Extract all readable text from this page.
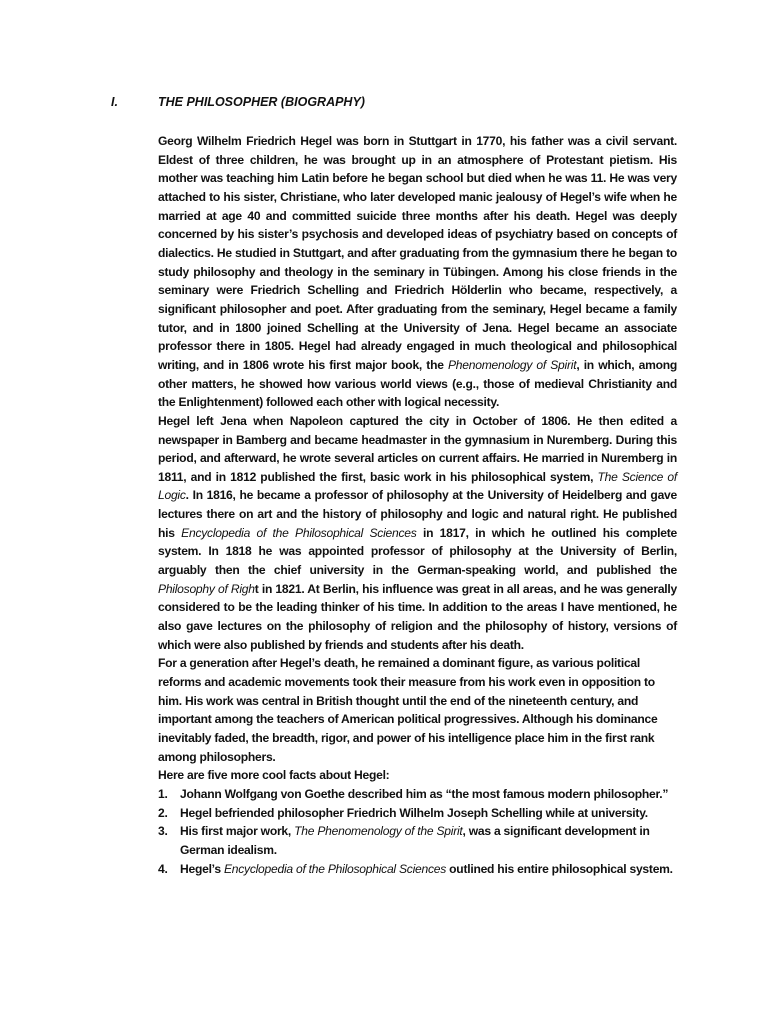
I.	THE PHILOSOPHER (BIOGRAPHY)

Georg Wilhelm Friedrich Hegel was born in Stuttgart in 1770, his father was a civil servant. Eldest of three children, he was brought up in an atmosphere of Protestant pietism. His mother was teaching him Latin before he began school but died when he was 11. He was very attached to his sister, Christiane, who later developed manic jealousy of Hegel’s wife when he married at age 40 and committed suicide three months after his death. Hegel was deeply concerned by his sister’s psychosis and developed ideas of psychiatry based on concepts of dialectics. He studied in Stuttgart, and after graduating from the gymnasium there he began to study philosophy and theology in the seminary in Tübingen. Among his close friends in the seminary were Friedrich Schelling and Friedrich Hölderlin who became, respectively, a significant philosopher and poet. After graduating from the seminary, Hegel became a family tutor, and in 1800 joined Schelling at the University of Jena. Hegel became an associate professor there in 1805. Hegel had already engaged in much theological and philosophical writing, and in 1806 wrote his first major book, the Phenomenology of Spirit, in which, among other matters, he showed how various world views (e.g., those of medieval Christianity and the Enlightenment) followed each other with logical necessity.

Hegel left Jena when Napoleon captured the city in October of 1806. He then edited a newspaper in Bamberg and became headmaster in the gymnasium in Nuremberg. During this period, and afterward, he wrote several articles on current affairs. He married in Nuremberg in 1811, and in 1812 published the first, basic work in his philosophical system, The Science of Logic. In 1816, he became a professor of philosophy at the University of Heidelberg and gave lectures there on art and the history of philosophy and logic and natural right. He published his Encyclopedia of the Philosophical Sciences in 1817, in which he outlined his complete system. In 1818 he was appointed professor of philosophy at the University of Berlin, arguably then the chief university in the German-speaking world, and published the Philosophy of Right in 1821. At Berlin, his influence was great in all areas, and he was generally considered to be the leading thinker of his time. In addition to the areas I have mentioned, he also gave lectures on the philosophy of religion and the philosophy of history, versions of which were also published by friends and students after his death.

For a generation after Hegel’s death, he remained a dominant figure, as various political reforms and academic movements took their measure from his work even in opposition to him. His work was central in British thought until the end of the nineteenth century, and important among the teachers of American political progressives. Although his dominance inevitably faded, the breadth, rigor, and power of his intelligence place him in the first rank among philosophers.

Here are five more cool facts about Hegel:

1. Johann Wolfgang von Goethe described him as “the most famous modern philosopher.”
2. Hegel befriended philosopher Friedrich Wilhelm Joseph Schelling while at university.
3. His first major work, The Phenomenology of the Spirit, was a significant development in German idealism.
4. Hegel’s Encyclopedia of the Philosophical Sciences outlined his entire philosophical system.
